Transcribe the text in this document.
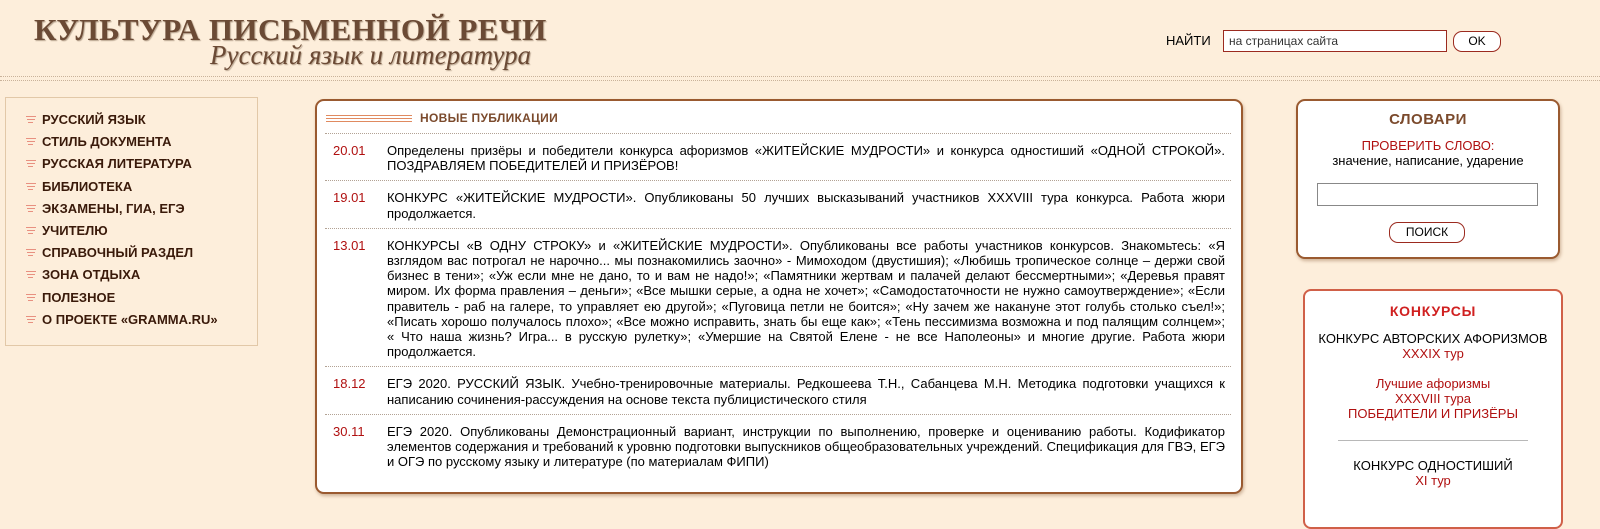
КУЛЬТУРА ПИСЬМЕННОЙ РЕЧИ
Русский язык и литература	НАЙТИ
на страницах сайта	OK
РУССКИЙ ЯЗЫК
СТИЛЬ ДОКУМЕНТА
РУССКАЯ ЛИТЕРАТУРА
БИБЛИОТЕКА
ЭКЗАМЕНЫ, ГИА, ЕГЭ
УЧИТЕЛЮ
СПРАВОЧНЫЙ РАЗДЕЛ
ЗОНА ОТДЫХА
ПОЛЕЗНОЕ
О ПРОЕКТЕ «GRAMMA.RU»
НОВЫЕ ПУБЛИКАЦИИ
20.01 Определены призёры и победители конкурса афоризмов «ЖИТЕЙСКИЕ МУДРОСТИ» и конкурса одностиший «ОДНОЙ СТРОКОЙ». ПОЗДРАВЛЯЕМ ПОБЕДИТЕЛЕЙ И ПРИЗЁРОВ!
19.01 КОНКУРС «ЖИТЕЙСКИЕ МУДРОСТИ». Опубликованы 50 лучших высказываний участников XXXVIII тура конкурса. Работа жюри продолжается.
13.01 КОНКУРСЫ «В ОДНУ СТРОКУ» и «ЖИТЕЙСКИЕ МУДРОСТИ». Опубликованы все работы участников конкурсов. Знакомьтесь: «Я взглядом вас потрогал не нарочно... мы познакомились заочно» - Мимоходом (двустишия); «Любишь тропическое солнце – держи свой бизнес в тени»; «Уж если мне не дано, то и вам не надо!»; «Памятники жертвам и палачей делают бессмертными»; «Деревья правят миром. Их форма правления – деньги»; «Все мышки серые, а одна не хочет»; «Самодостаточности не нужно самоутверждение»; «Если правитель - раб на галере, то управляет ею другой»; «Пуговица петли не боится»; «Ну зачем же накануне этот голубь столько съел!»; «Писать хорошо получалось плохо»; «Все можно исправить, знать бы еще как»; «Тень пессимизма возможна и под палящим солнцем»; « Что наша жизнь? Игра... в русскую рулетку»; «Умершие на Святой Елене - не все Наполеоны» и многие другие. Работа жюри продолжается.
18.12 ЕГЭ 2020. РУССКИЙ ЯЗЫК. Учебно-тренировочные материалы. Редкошеева Т.Н., Сабанцева М.Н. Методика подготовки учащихся к написанию сочинения-рассуждения на основе текста публицистического стиля
30.11 ЕГЭ 2020. Опубликованы Демонстрационный вариант, инструкции по выполнению, проверке и оцениванию работы. Кодификатор элементов содержания и требований к уровню подготовки выпускников общеобразовательных учреждений. Спецификация для ГВЭ, ЕГЭ и ОГЭ по русскому языку и литературе (по материалам ФИПИ)
СЛОВАРИ
ПРОВЕРИТЬ СЛОВО:
значение, написание, ударение
ПОИСК
КОНКУРСЫ
КОНКУРС АВТОРСКИХ АФОРИЗМОВ
XXXIX тур
Лучшие афоризмы
XXXVIII тура
ПОБЕДИТЕЛИ И ПРИЗЁРЫ
КОНКУРС ОДНОСТИШИЙ
XI тур
